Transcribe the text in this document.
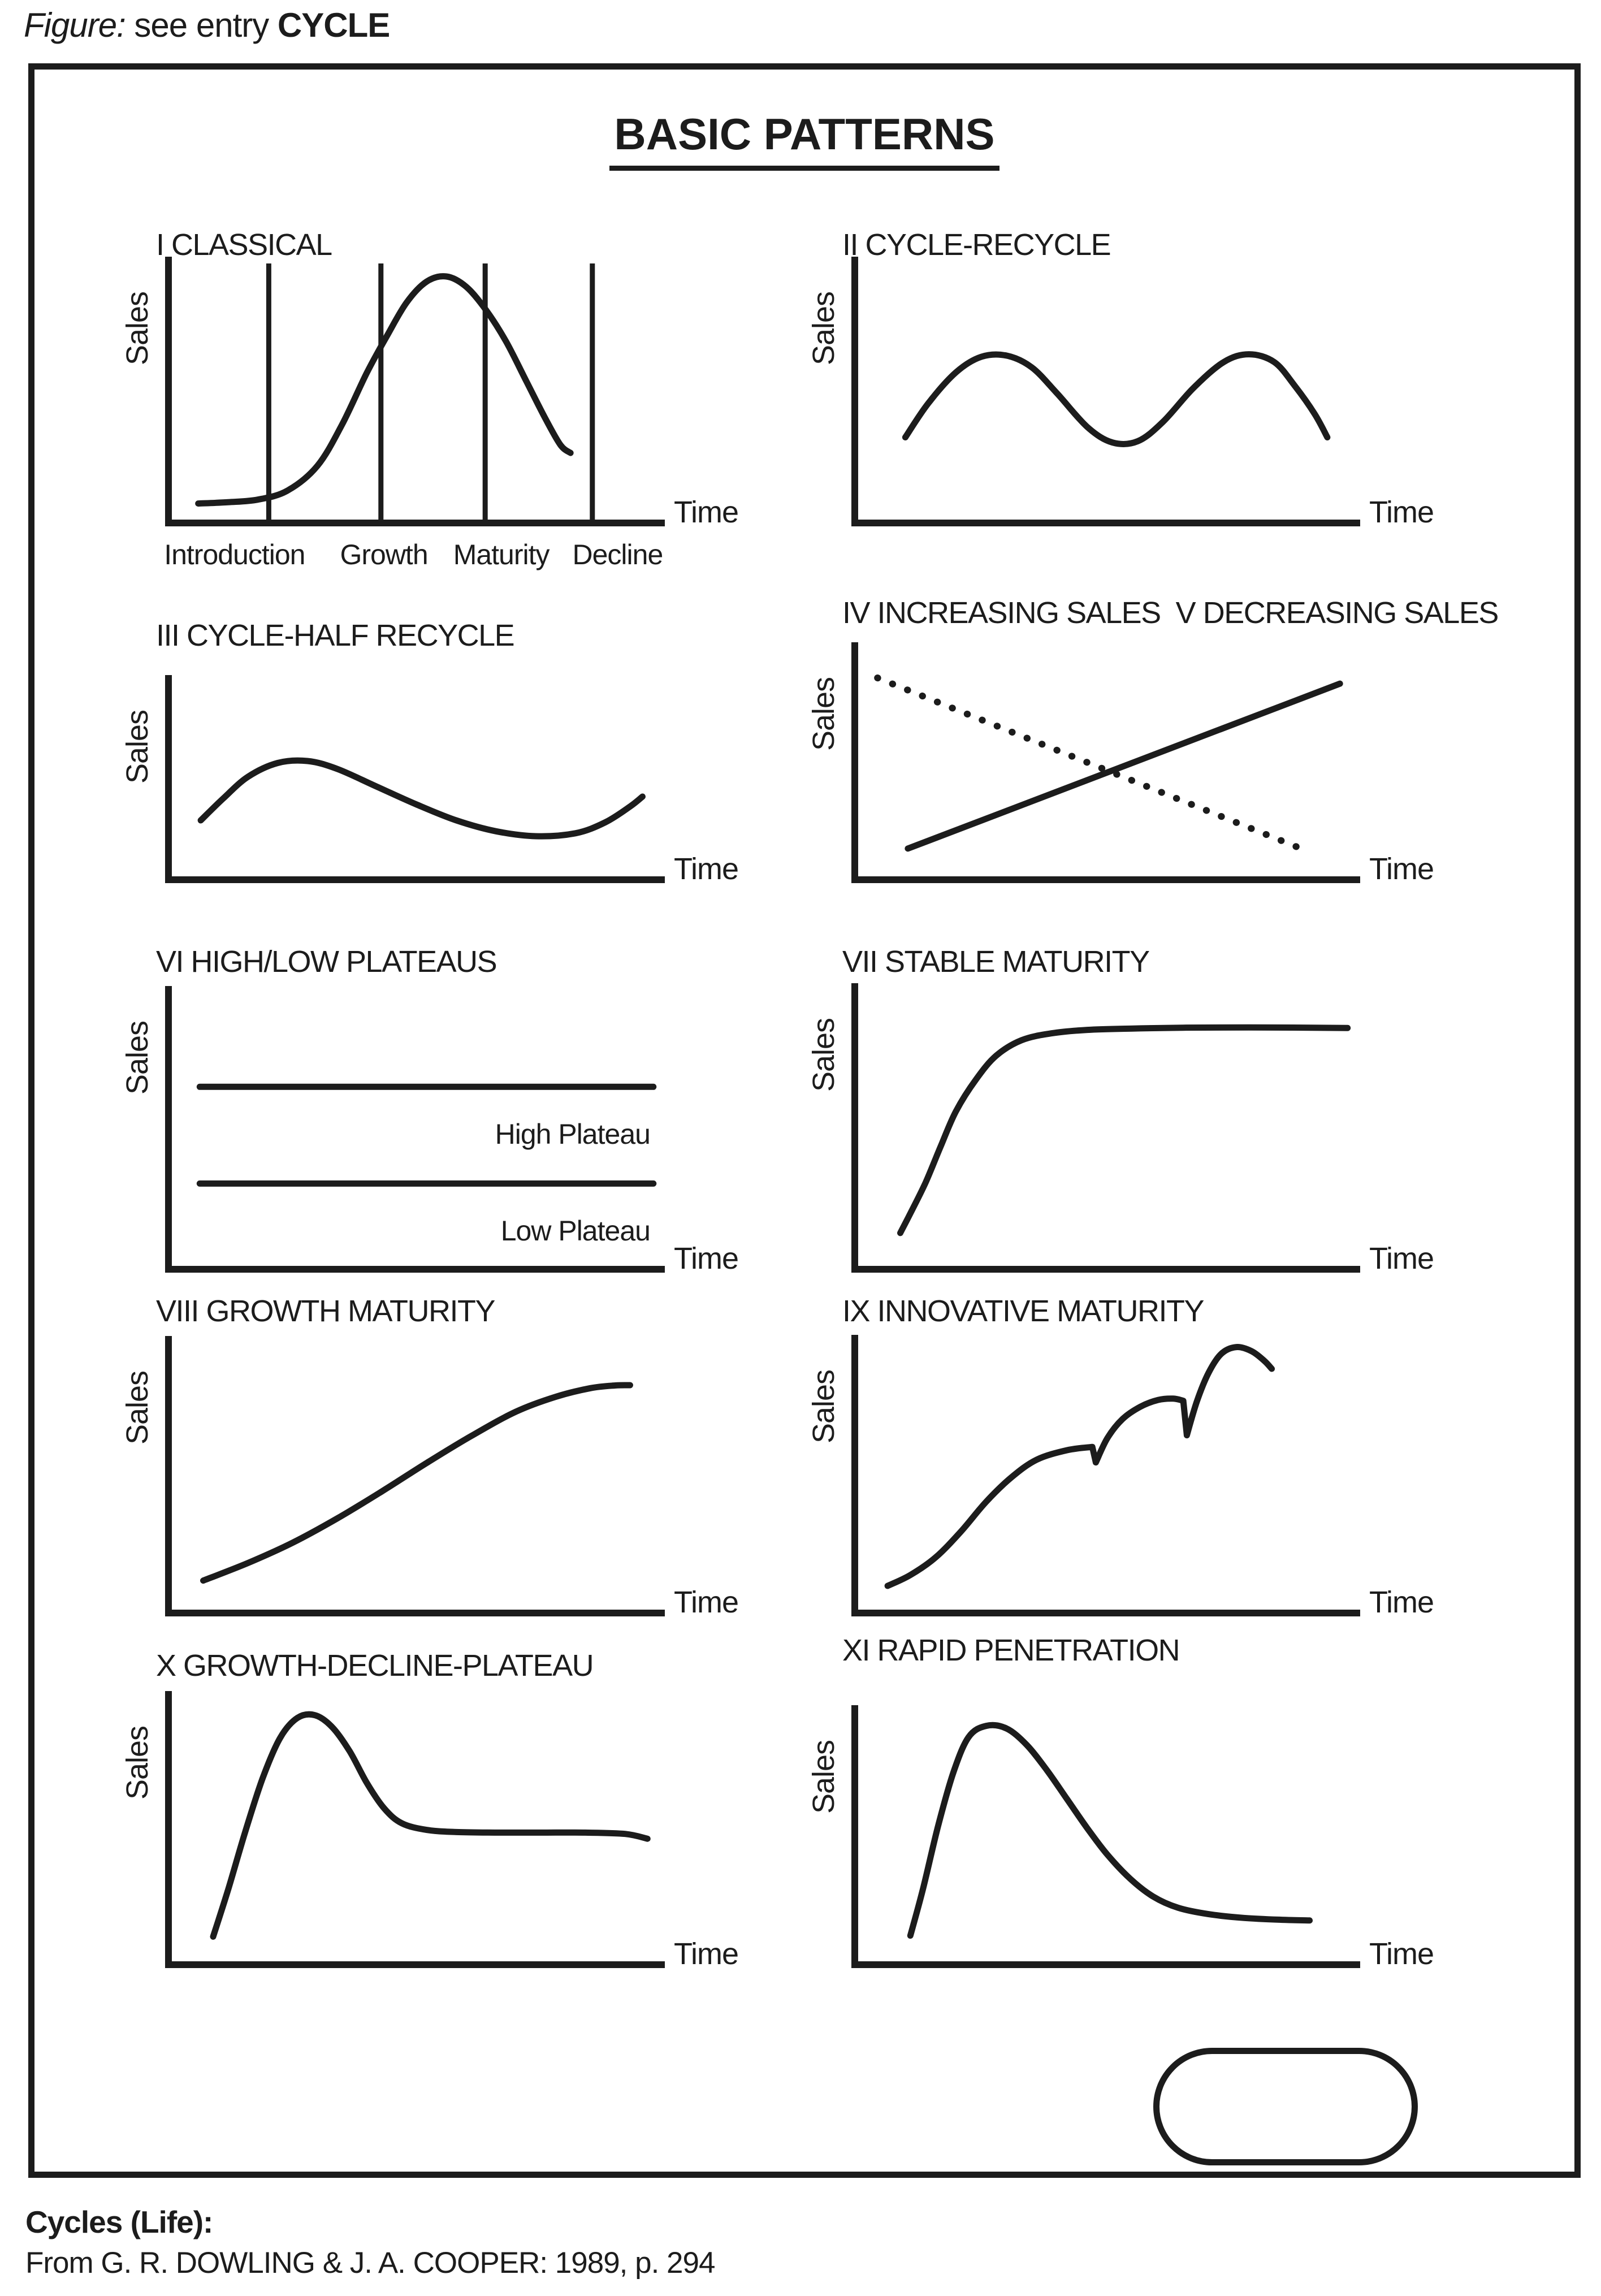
Figure: see entry CYCLE
BASIC PATTERNS
I CLASSICAL
Sales
Time
Introduction	Growth Maturity Decline
II CYCLE-RECYCLE
Sales
Time
III CYCLE-HALF RECYCLE
Sales
Time
IV INCREASING SALES  V DECREASING SALES
Sales
Time
VI HIGH/LOW PLATEAUS
Sales
Time
High Plateau
Low Plateau
VII STABLE MATURITY
Sales
Time
VIII GROWTH MATURITY
Sales
Time
IX INNOVATIVE MATURITY
Sales
Time
X GROWTH-DECLINE-PLATEAU
Sales
Time
XI RAPID PENETRATION
Sales
Time
Cycles (Life):
From G. R. DOWLING & J. A. COOPER: 1989, p. 294
